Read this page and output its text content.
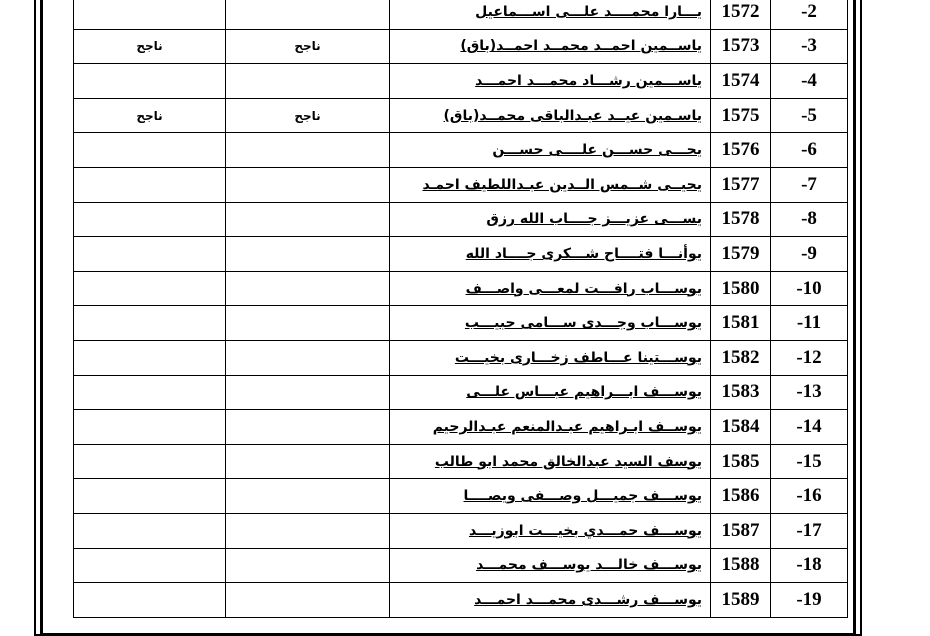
-2	1572	يـــارا محمــــد علـــى اســـماعيل		
-3	1573	ياســمين احمــد محمــد احمــد(باق)	ناجح	ناجح
-4	1574	ياســـمين رشـــاد محمـــد احمـــد		
-5	1575	ياسـمين عيــد عبـدالباقى محمــد(باق)	ناجح	ناجح
-6	1576	يحـــى حســـن علــــى حســـن		
-7	1577	يحيــى شــمس الــدين عبـداللطيف احمـد		
-8	1578	يســـى عزيـــز جــــاب الله رزق		
-9	1579	يوأنـــا فتــــاح شـــكرى جــــاد الله		
-10	1580	يوســـاب رافـــت لمعـــى واصـــف		
-11	1581	يوســـاب وجـــدى ســـامى حبيـــب		
-12	1582	يوســـتينا عـــاطف زخـــارى بخيـــت		
-13	1583	يوســـف ابـــراهيم عبـــاس علـــى		
-14	1584	يوســف ابـراهيم عبـدالمنعم عبـدالرحيم		
-15	1585	يوسف السيد عبدالخالق محمد ابو طالب		
-16	1586	يوســـف جميـــل وصـــفى ويصــــا		
-17	1587	يوســـف حمـــدي بخيـــت ابوزيـــد		
-18	1588	يوســـف خالـــد يوســـف محمـــد		
-19	1589	يوســـف رشـــدى محمـــد احمـــد		
